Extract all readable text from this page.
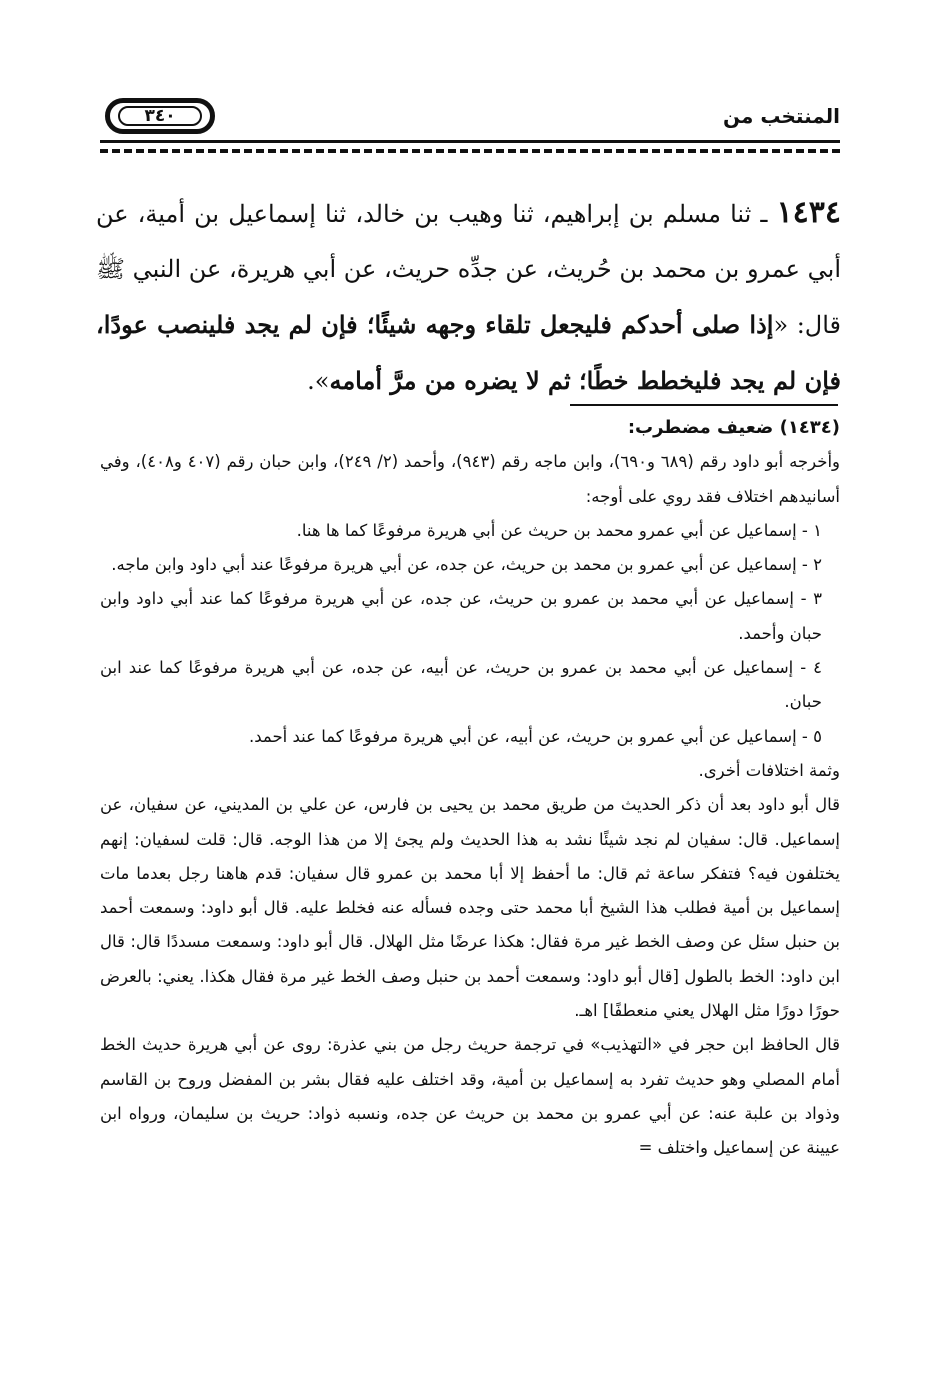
٣٤٠	المنتخب من
١٤٣٤ ـ ثنا مسلم بن إبراهيم، ثنا وهيب بن خالد، ثنا إسماعيل بن أمية، عن أبي عمرو بن محمد بن حُريث، عن جدِّه حريث، عن أبي هريرة، عن النبي ﷺ قال: «إذا صلى أحدكم فليجعل تلقاء وجهه شيئًا؛ فإن لم يجد فلينصب عودًا، فإن لم يجد فليخطط خطًا؛ ثم لا يضره من مرَّ أمامه».

(١٤٣٤) ضعيف مضطرب:

وأخرجه أبو داود رقم (٦٨٩ و٦٩٠)، وابن ماجه رقم (٩٤٣)، وأحمد (٢/ ٢٤٩)، وابن حبان رقم (٤٠٧ و٤٠٨)، وفي أسانيدهم اختلاف فقد روي على أوجه:

١ - إسماعيل عن أبي عمرو محمد بن حريث عن أبي هريرة مرفوعًا كما ها هنا.

٢ - إسماعيل عن أبي عمرو بن محمد بن حريث، عن جده، عن أبي هريرة مرفوعًا عند أبي داود وابن ماجه.

٣ - إسماعيل عن أبي محمد بن عمرو بن حريث، عن جده، عن أبي هريرة مرفوعًا كما عند أبي داود وابن حبان وأحمد.

٤ - إسماعيل عن أبي محمد بن عمرو بن حريث، عن أبيه، عن جده، عن أبي هريرة مرفوعًا كما عند ابن حبان.

٥ - إسماعيل عن أبي عمرو بن حريث، عن أبيه، عن أبي هريرة مرفوعًا كما عند أحمد.

وثمة اختلافات أخرى.

قال أبو داود بعد أن ذكر الحديث من طريق محمد بن يحيى بن فارس، عن علي بن المديني، عن سفيان، عن إسماعيل. قال: سفيان لم نجد شيئًا نشد به هذا الحديث ولم يجئ إلا من هذا الوجه. قال: قلت لسفيان: إنهم يختلفون فيه؟ فتفكر ساعة ثم قال: ما أحفظ إلا أبا محمد بن عمرو قال سفيان: قدم هاهنا رجل بعدما مات إسماعيل بن أمية فطلب هذا الشيخ أبا محمد حتى وجده فسأله عنه فخلط عليه. قال أبو داود: وسمعت أحمد بن حنبل سئل عن وصف الخط غير مرة فقال: هكذا عرضًا مثل الهلال. قال أبو داود: وسمعت مسددًا قال: قال ابن داود: الخط بالطول [قال أبو داود: وسمعت أحمد بن حنبل وصف الخط غير مرة فقال هكذا. يعني: بالعرض حورًا دورًا مثل الهلال يعني منعطفًا] اهـ.

قال الحافظ ابن حجر في «التهذيب» في ترجمة حريث رجل من بني عذرة: روى عن أبي هريرة حديث الخط أمام المصلي وهو حديث تفرد به إسماعيل بن أمية، وقد اختلف عليه فقال بشر بن المفضل وروح بن القاسم وذواد بن علبة عنه: عن أبي عمرو بن محمد بن حريث عن جده، ونسبه ذواد: حريث بن سليمان، ورواه ابن عيينة عن إسماعيل واختلف =
